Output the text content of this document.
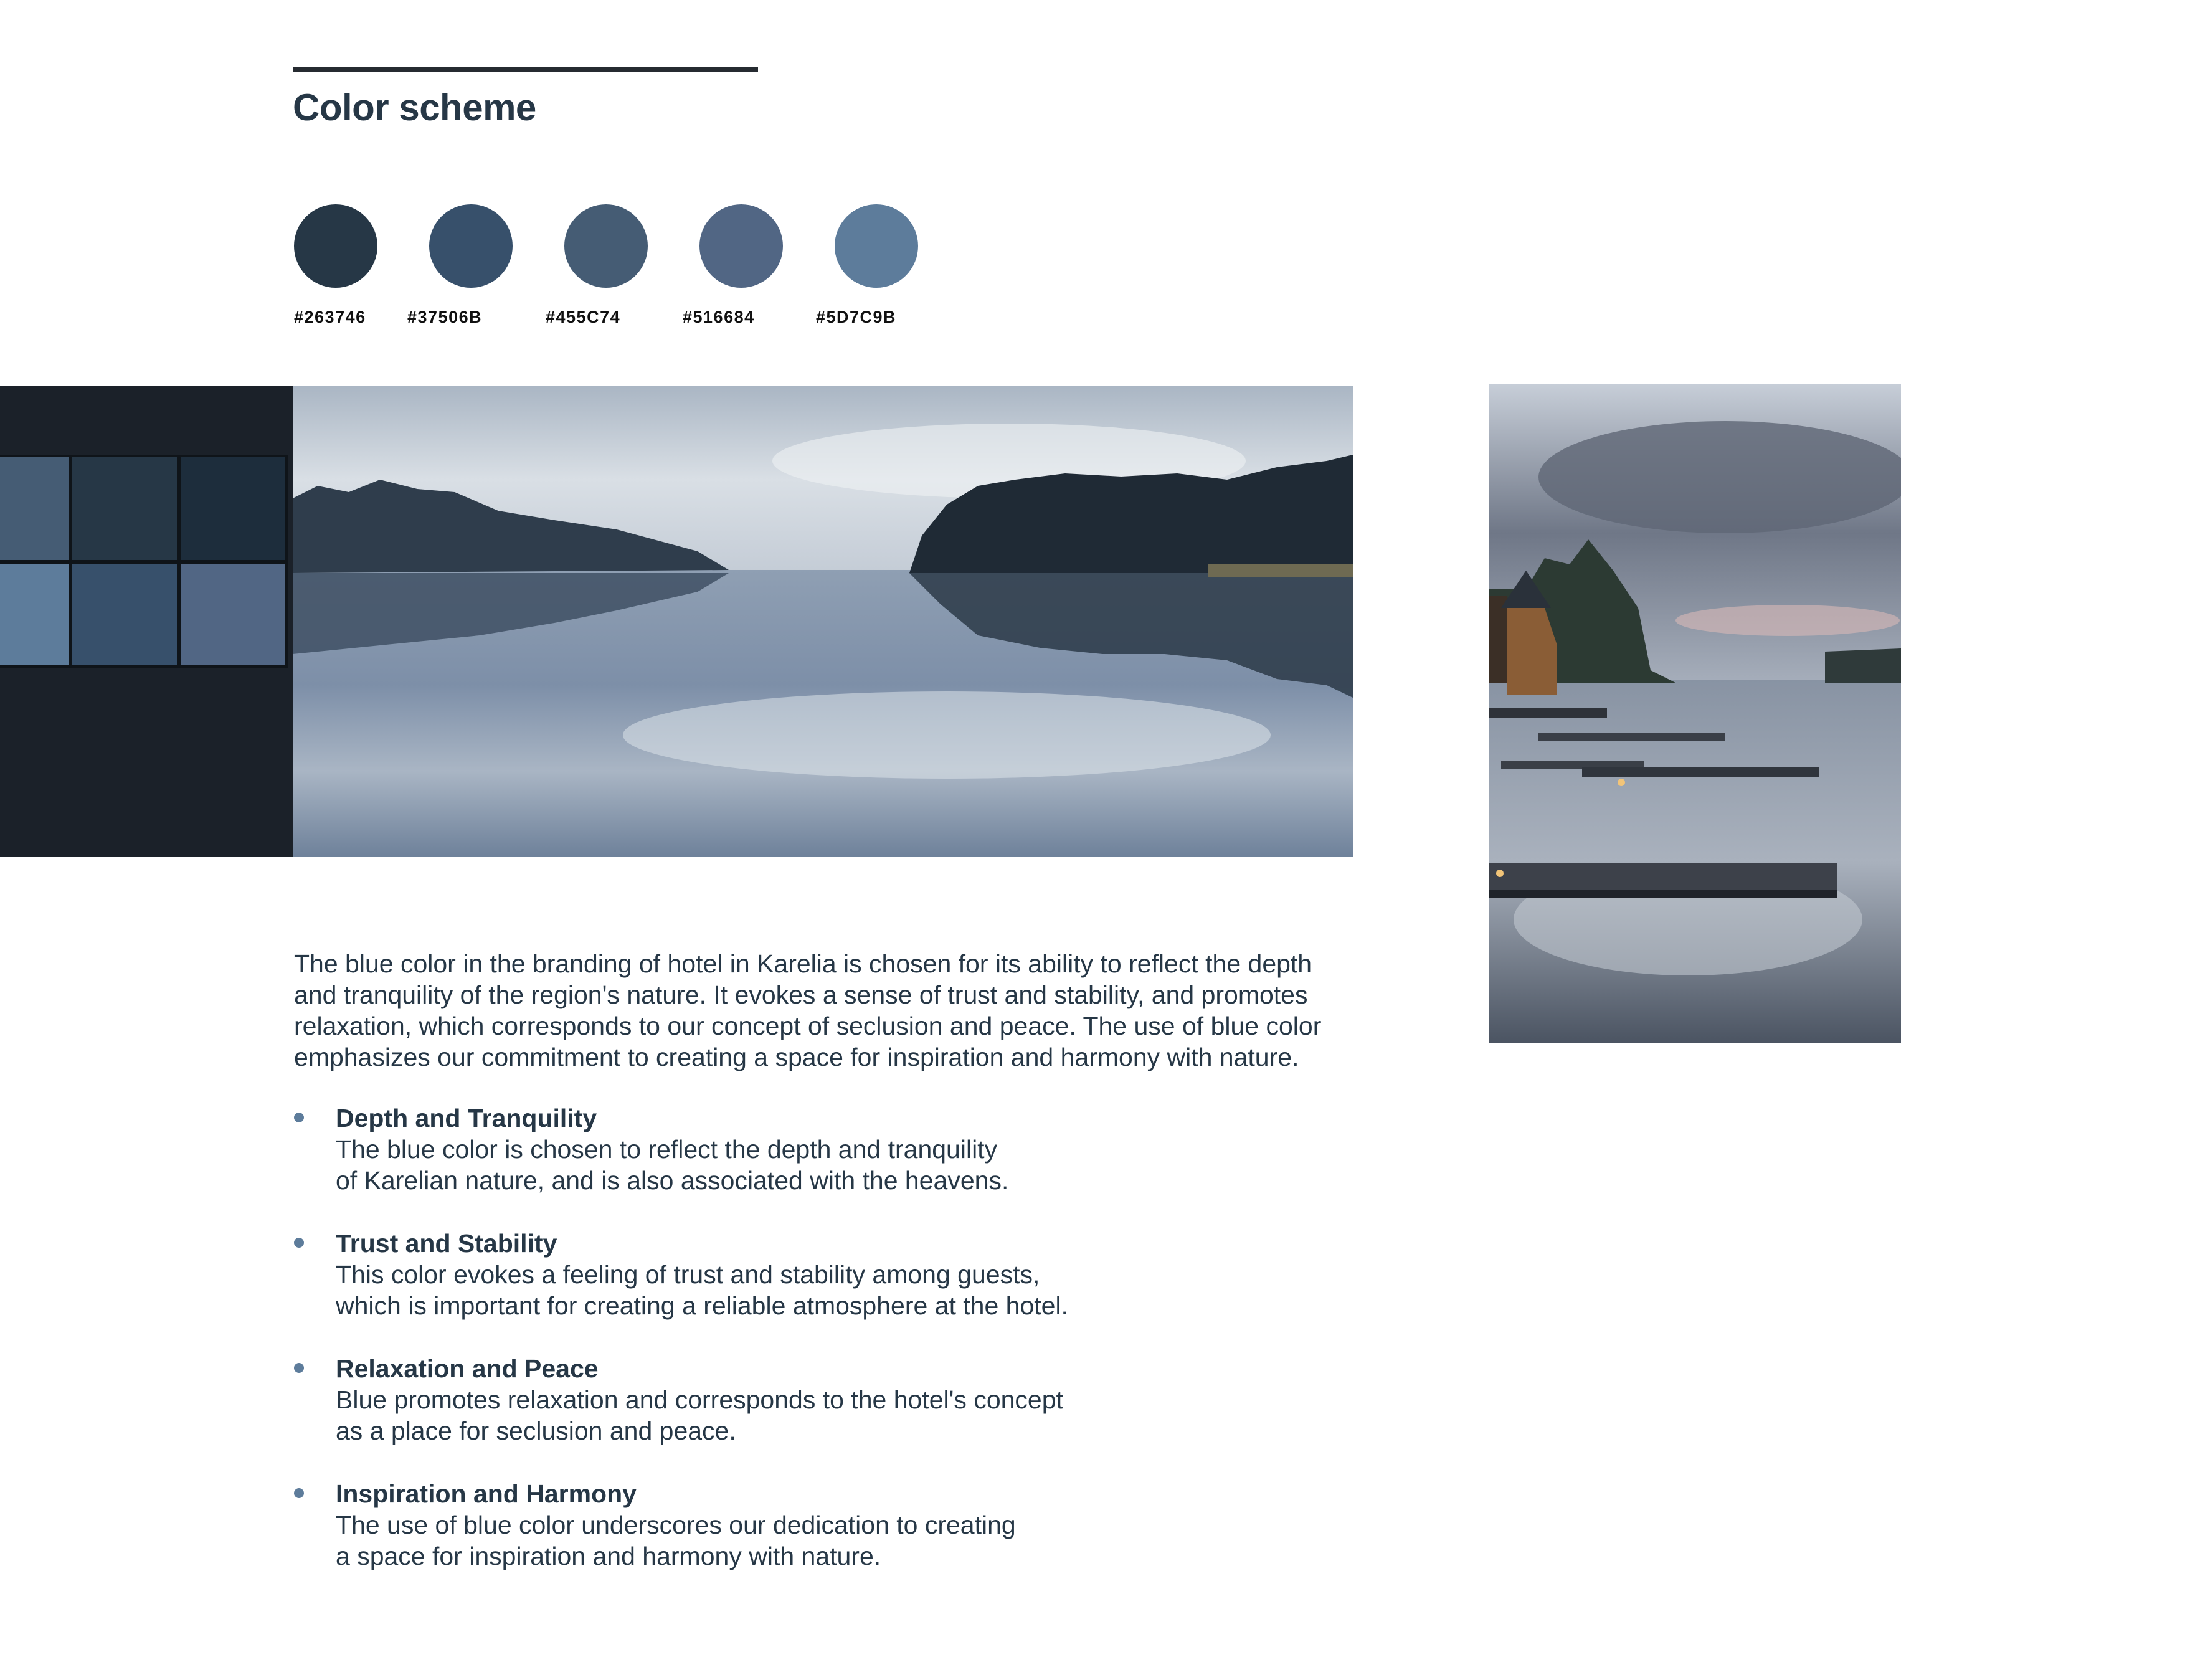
Color scheme
#263746 #37506B	#455C74	#516684	#5D7C9B

The blue color in the branding of hotel in Karelia is chosen for its ability to reflect the depth
and tranquility of the region's nature. It evokes a sense of trust and stability, and promotes
relaxation, which corresponds to our concept of seclusion and peace. The use of blue color
emphasizes our commitment to creating a space for inspiration and harmony with nature.

Depth and Tranquility
The blue color is chosen to reflect the depth and tranquility
of Karelian nature, and is also associated with the heavens.
Trust and Stability
This color evokes a feeling of trust and stability among guests,
which is important for creating a reliable atmosphere at the hotel.
Relaxation and Peace
Blue promotes relaxation and corresponds to the hotel's concept
as a place for seclusion and peace.
Inspiration and Harmony
The use of blue color underscores our dedication to creating
a space for inspiration and harmony with nature.
